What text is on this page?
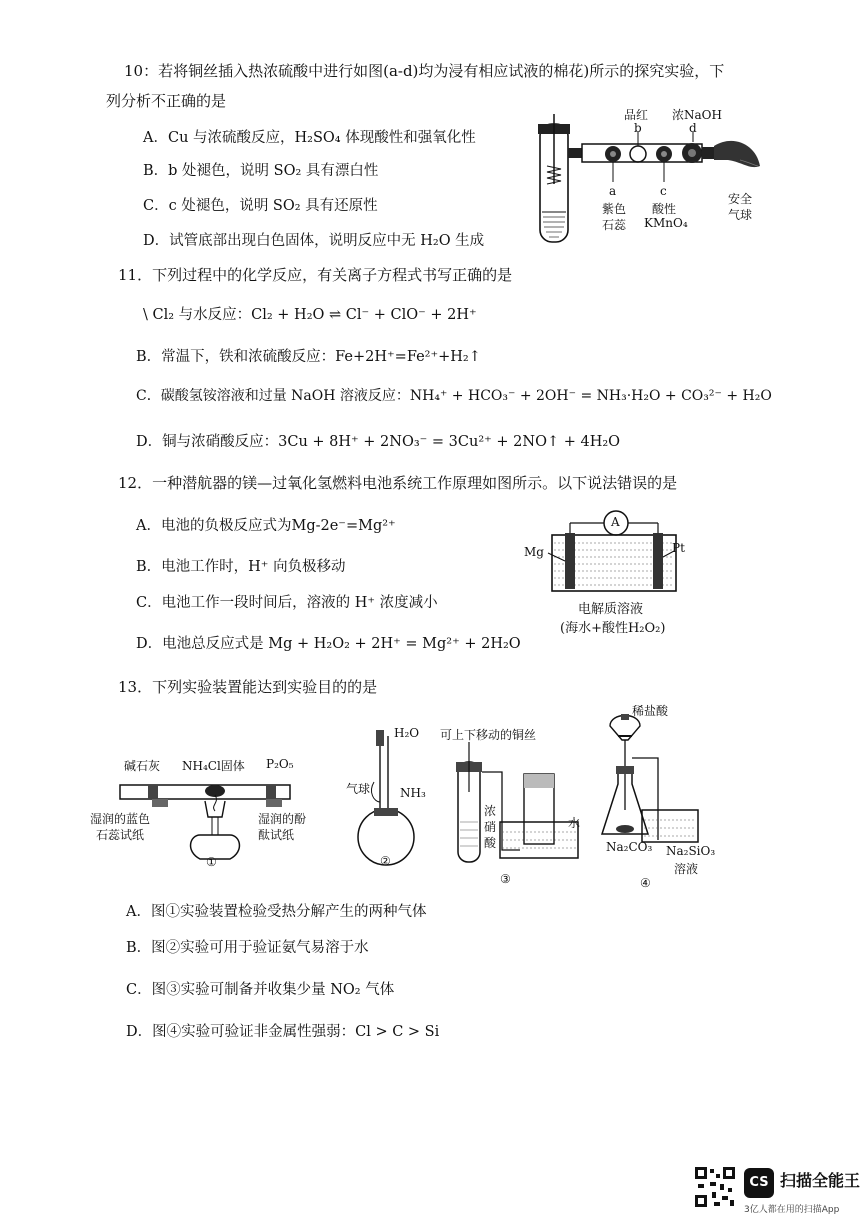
10：若将铜丝插入热浓硫酸中进行如图(a-d)均为浸有相应试液的棉花)所示的探究实验，下
列分析不正确的是
A．Cu 与浓硫酸反应，H₂SO₄ 体现酸性和强氧化性
B．b 处褪色，说明 SO₂ 具有漂白性
C．c 处褪色，说明 SO₂ 具有还原性
D．试管底部出现白色固体，说明反应中无 H₂O 生成
品红
b
浓NaOH
d
a
紫色
石蕊
c
酸性
KMnO₄
安全
气球
11．下列过程中的化学反应，有关离子方程式书写正确的是
\ Cl₂ 与水反应：Cl₂ + H₂O ⇌ Cl⁻ + ClO⁻ + 2H⁺
B．常温下，铁和浓硫酸反应：Fe+2H⁺=Fe²⁺+H₂↑
C．碳酸氢铵溶液和过量 NaOH 溶液反应：NH₄⁺ + HCO₃⁻ + 2OH⁻ = NH₃·H₂O + CO₃²⁻ + H₂O
D．铜与浓硝酸反应：3Cu + 8H⁺ + 2NO₃⁻ = 3Cu²⁺ + 2NO↑ + 4H₂O
12．一种潜航器的镁—过氧化氢燃料电池系统工作原理如图所示。以下说法错误的是
A．电池的负极反应式为Mg-2e⁻=Mg²⁺
B．电池工作时，H⁺ 向负极移动
C．电池工作一段时间后，溶液的 H⁺ 浓度减小
D．电池总反应式是 Mg + H₂O₂ + 2H⁺ = Mg²⁺ + 2H₂O
A
Mg	Pt
电解质溶液
(海水+酸性H₂O₂)
13．下列实验装置能达到实验目的的是
碱石灰 NH₄Cl固体 P₂O₅
湿润的蓝色
石蕊试纸
湿润的酚
酞试纸
①
H₂O
气球 NH₃
②
可上下移动的铜丝
浓
硝
酸
水
③
稀盐酸
Na₂CO₃ Na₂SiO₃
溶液
④
A．图①实验装置检验受热分解产生的两种气体
B．图②实验可用于验证氨气易溶于水
C．图③实验可制备并收集少量 NO₂ 气体
D．图④实验可验证非金属性强弱：Cl > C > Si
CS 扫描全能王
3亿人都在用的扫描App
